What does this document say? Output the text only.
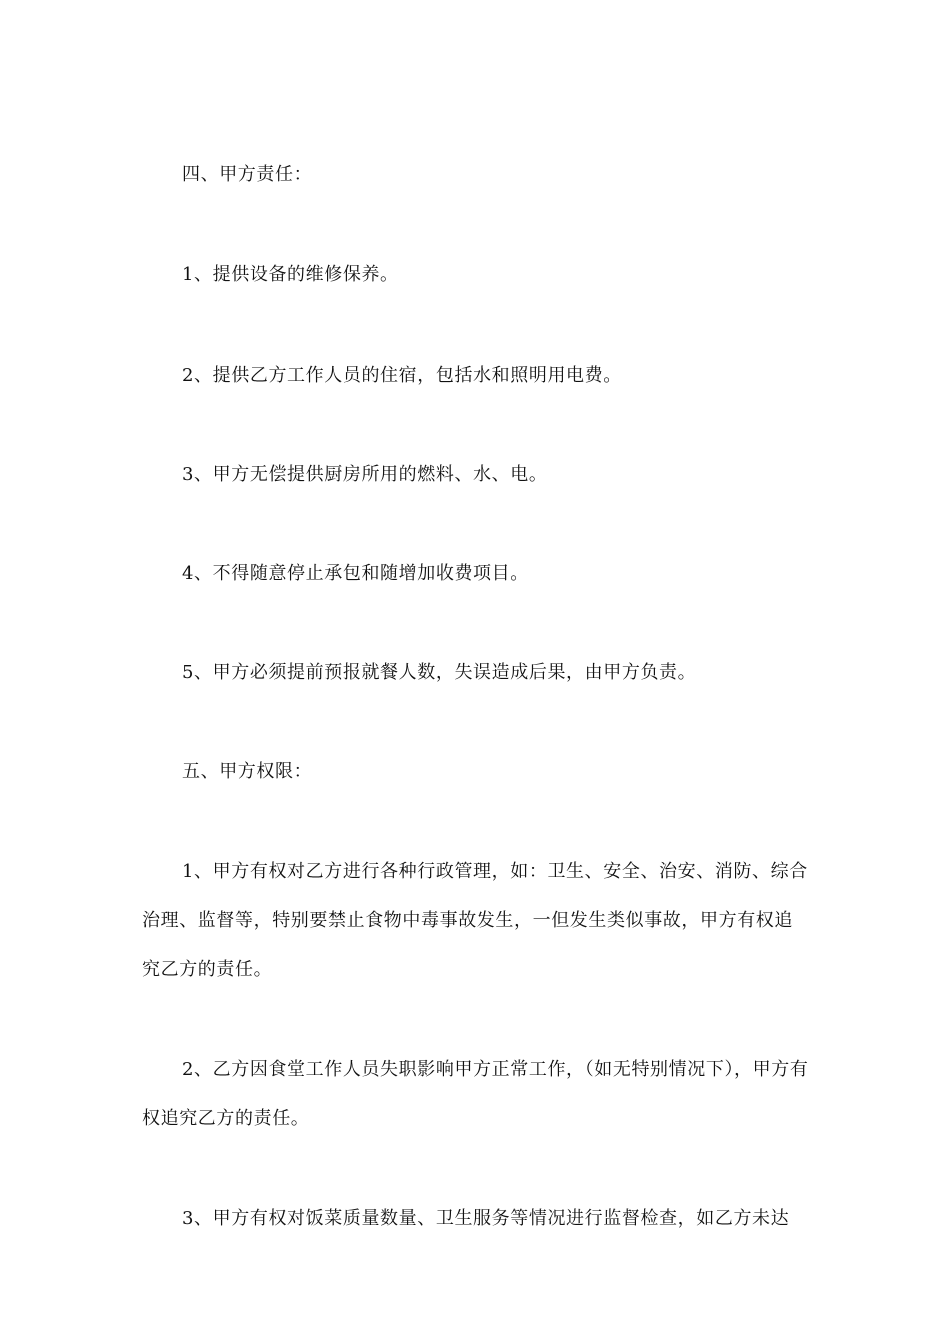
四、甲方责任：

1、提供设备的维修保养。

2、提供乙方工作人员的住宿，包括水和照明用电费。

3、甲方无偿提供厨房所用的燃料、水、电。

4、不得随意停止承包和随增加收费项目。

5、甲方必须提前预报就餐人数，失误造成后果，由甲方负责。

五、甲方权限：

1、甲方有权对乙方进行各种行政管理，如：卫生、安全、治安、消防、综合治理、监督等，特别要禁止食物中毒事故发生，一但发生类似事故，甲方有权追究乙方的责任。

2、乙方因食堂工作人员失职影响甲方正常工作，（如无特别情况下），甲方有权追究乙方的责任。

3、甲方有权对饭菜质量数量、卫生服务等情况进行监督检查，如乙方未达
